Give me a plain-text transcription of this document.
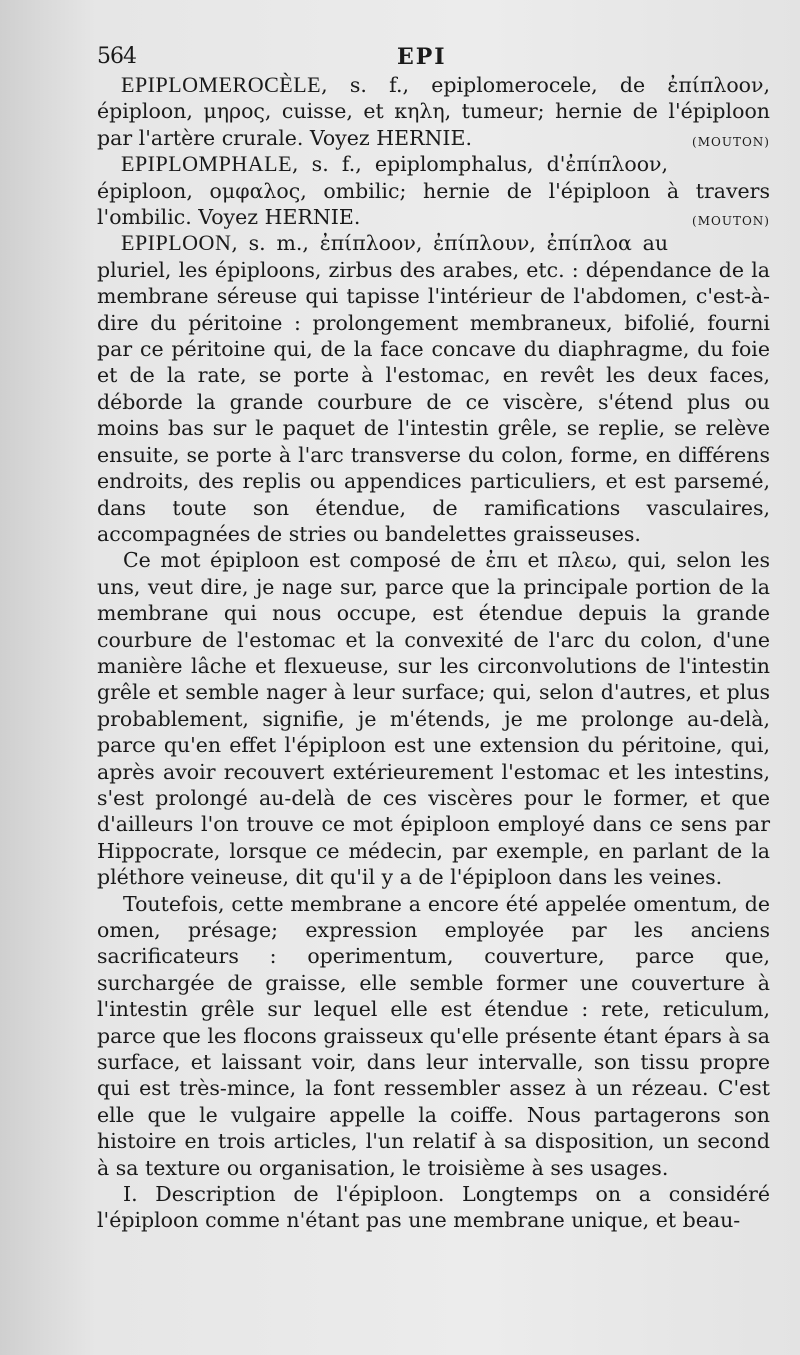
564	EPI

EPIPLOMEROCÈLE, s. f., epiplomerocele, de ἐπίπλοον, épiploon, μηρος, cuisse, et κηλη, tumeur; hernie de l'épiploon par l'artère crurale. Voyez HERNIE.	(MOUTON)

EPIPLOMPHALE, s. f., epiplomphalus, d'ἐπίπλοον, épiploon, ομφαλος, ombilic; hernie de l'épiploon à travers l'ombilic. Voyez HERNIE.	(MOUTON)

EPIPLOON, s. m., ἐπίπλοον, ἐπίπλουν, ἐπίπλοα au pluriel, les épiploons, zirbus des arabes, etc. : dépendance de la membrane séreuse qui tapisse l'intérieur de l'abdomen, c'est-à-dire du péritoine : prolongement membraneux, bifolié, fourni par ce péritoine qui, de la face concave du diaphragme, du foie et de la rate, se porte à l'estomac, en revêt les deux faces, déborde la grande courbure de ce viscère, s'étend plus ou moins bas sur le paquet de l'intestin grêle, se replie, se relève ensuite, se porte à l'arc transverse du colon, forme, en différens endroits, des replis ou appendices particuliers, et est parsemé, dans toute son étendue, de ramifications vasculaires, accompagnées de stries ou bandelettes graisseuses.

Ce mot épiploon est composé de ἐπι et πλεω, qui, selon les uns, veut dire, je nage sur, parce que la principale portion de la membrane qui nous occupe, est étendue depuis la grande courbure de l'estomac et la convexité de l'arc du colon, d'une manière lâche et flexueuse, sur les circonvolutions de l'intestin grêle et semble nager à leur surface; qui, selon d'autres, et plus probablement, signifie, je m'étends, je me prolonge au-delà, parce qu'en effet l'épiploon est une extension du péritoine, qui, après avoir recouvert extérieurement l'estomac et les intestins, s'est prolongé au-delà de ces viscères pour le former, et que d'ailleurs l'on trouve ce mot épiploon employé dans ce sens par Hippocrate, lorsque ce médecin, par exemple, en parlant de la pléthore veineuse, dit qu'il y a de l'épiploon dans les veines.

Toutefois, cette membrane a encore été appelée omentum, de omen, présage; expression employée par les anciens sacrificateurs : operimentum, couverture, parce que, surchargée de graisse, elle semble former une couverture à l'intestin grêle sur lequel elle est étendue : rete, reticulum, parce que les flocons graisseux qu'elle présente étant épars à sa surface, et laissant voir, dans leur intervalle, son tissu propre qui est très-mince, la font ressembler assez à un rézeau. C'est elle que le vulgaire appelle la coiffe. Nous partagerons son histoire en trois articles, l'un relatif à sa disposition, un second à sa texture ou organisation, le troisième à ses usages.

I. Description de l'épiploon. Longtemps on a considéré l'épiploon comme n'étant pas une membrane unique, et beau-
